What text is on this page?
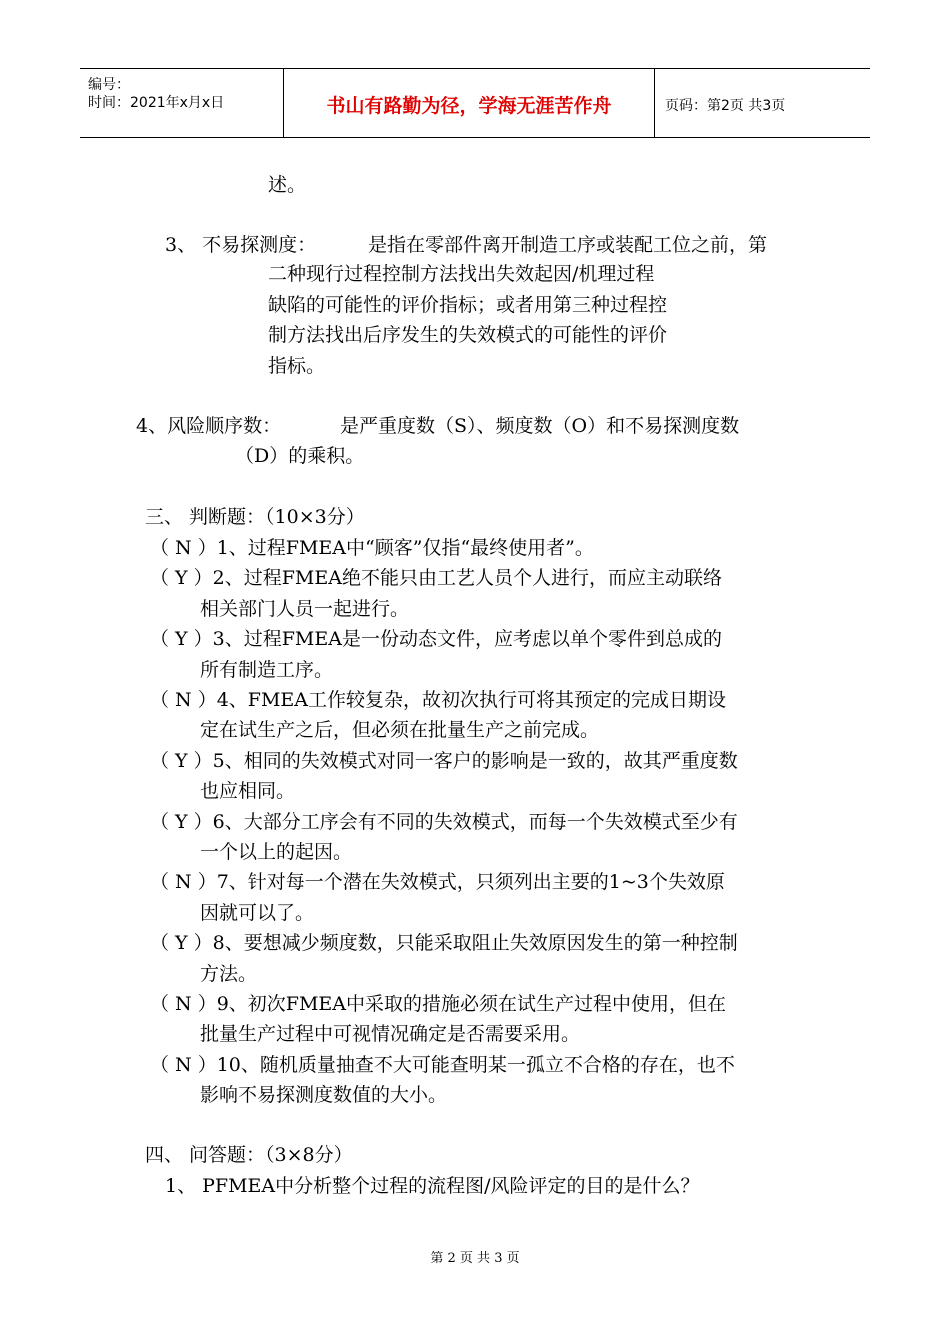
编号：
时间：2021年x月x日	书山有路勤为径，学海无涯苦作舟	页码：第2页 共3页
述。
3、 不易探测度：	是指在零部件离开制造工序或装配工位之前，第
二种现行过程控制方法找出失效起因/机理过程
缺陷的可能性的评价指标；或者用第三种过程控
制方法找出后序发生的失效模式的可能性的评价
指标。
4、风险顺序数：	是严重度数（S）、频度数（O）和不易探测度数
（D）的乘积。
三、 判断题：（10×3分）
（ N ）1、过程FMEA中“顾客”仅指“最终使用者”。
（ Y ）2、过程FMEA绝不能只由工艺人员个人进行，而应主动联络
相关部门人员一起进行。
（ Y ）3、过程FMEA是一份动态文件，应考虑以单个零件到总成的
所有制造工序。
（ N ）4、FMEA工作较复杂，故初次执行可将其预定的完成日期设
定在试生产之后，但必须在批量生产之前完成。
（ Y ）5、相同的失效模式对同一客户的影响是一致的，故其严重度数
也应相同。
（ Y ）6、大部分工序会有不同的失效模式，而每一个失效模式至少有
一个以上的起因。
（ N ）7、针对每一个潜在失效模式，只须列出主要的1~3个失效原
因就可以了。
（ Y ）8、要想减少频度数，只能采取阻止失效原因发生的第一种控制
方法。
（ N ）9、初次FMEA中采取的措施必须在试生产过程中使用，但在
批量生产过程中可视情况确定是否需要采用。
（ N ）10、随机质量抽查不大可能查明某一孤立不合格的存在，也不
影响不易探测度数值的大小。
四、 问答题：（3×8分）
1、 PFMEA中分析整个过程的流程图/风险评定的目的是什么？
第 2 页 共 3 页
